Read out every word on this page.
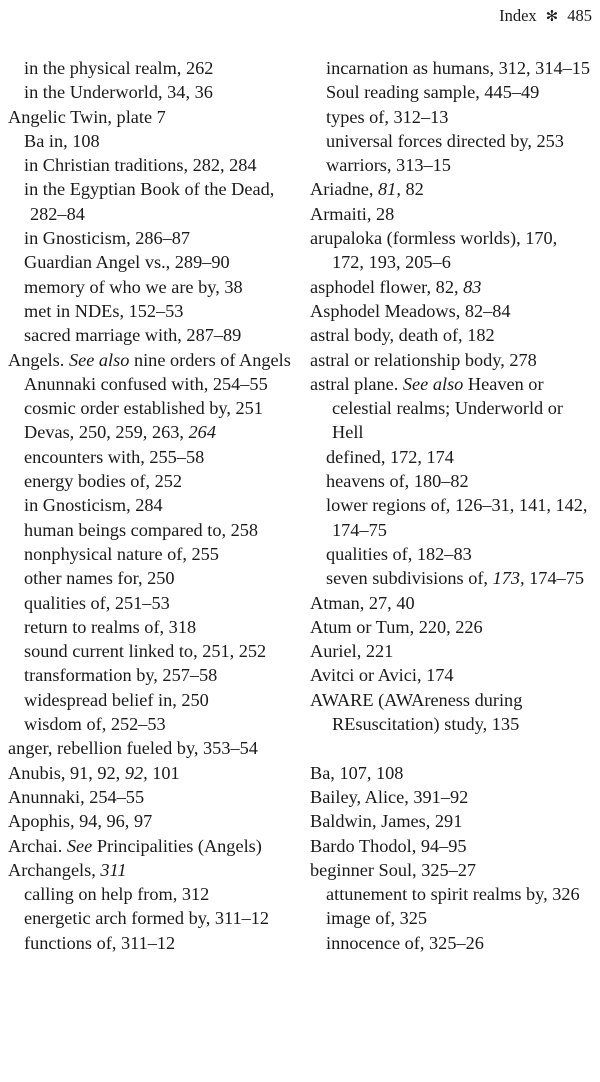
Index ✻ 485
in the physical realm, 262
in the Underworld, 34, 36
Angelic Twin, plate 7
Ba in, 108
in Christian traditions, 282, 284
in the Egyptian Book of the Dead,
282–84
in Gnosticism, 286–87
Guardian Angel vs., 289–90
memory of who we are by, 38
met in NDEs, 152–53
sacred marriage with, 287–89
Angels. See also nine orders of Angels
Anunnaki confused with, 254–55
cosmic order established by, 251
Devas, 250, 259, 263, 264
encounters with, 255–58
energy bodies of, 252
in Gnosticism, 284
human beings compared to, 258
nonphysical nature of, 255
other names for, 250
qualities of, 251–53
return to realms of, 318
sound current linked to, 251, 252
transformation by, 257–58
widespread belief in, 250
wisdom of, 252–53
anger, rebellion fueled by, 353–54
Anubis, 91, 92, 92, 101
Anunnaki, 254–55
Apophis, 94, 96, 97
Archai. See Principalities (Angels)
Archangels, 311
calling on help from, 312
energetic arch formed by, 311–12
functions of, 311–12
incarnation as humans, 312, 314–15
Soul reading sample, 445–49
types of, 312–13
universal forces directed by, 253
warriors, 313–15
Ariadne, 81, 82
Armaiti, 28
arupaloka (formless worlds), 170,
172, 193, 205–6
asphodel flower, 82, 83
Asphodel Meadows, 82–84
astral body, death of, 182
astral or relationship body, 278
astral plane. See also Heaven or
celestial realms; Underworld or
Hell
defined, 172, 174
heavens of, 180–82
lower regions of, 126–31, 141, 142,
174–75
qualities of, 182–83
seven subdivisions of, 173, 174–75
Atman, 27, 40
Atum or Tum, 220, 226
Auriel, 221
Avitci or Avici, 174
AWARE (AWAreness during
REsuscitation) study, 135
Ba, 107, 108
Bailey, Alice, 391–92
Baldwin, James, 291
Bardo Thodol, 94–95
beginner Soul, 325–27
attunement to spirit realms by, 326
image of, 325
innocence of, 325–26
